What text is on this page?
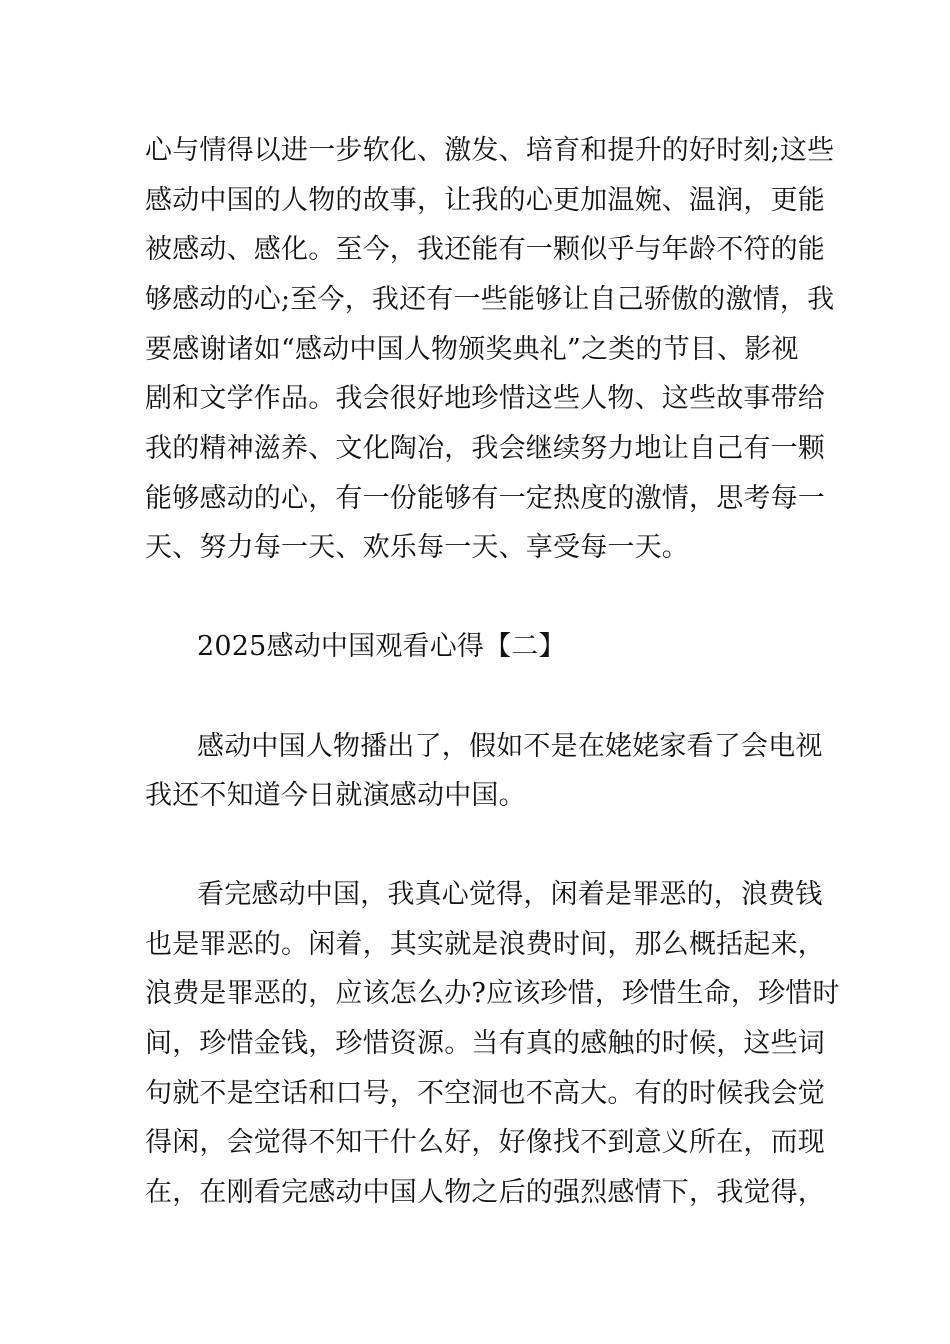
心与情得以进一步软化、激发、培育和提升的好时刻;这些
感动中国的人物的故事，让我的心更加温婉、温润，更能
被感动、感化。至今，我还能有一颗似乎与年龄不符的能
够感动的心;至今，我还有一些能够让自己骄傲的激情，我
要感谢诸如“感动中国人物颁奖典礼”之类的节目、影视
剧和文学作品。我会很好地珍惜这些人物、这些故事带给
我的精神滋养、文化陶冶，我会继续努力地让自己有一颗
能够感动的心，有一份能够有一定热度的激情，思考每一
天、努力每一天、欢乐每一天、享受每一天。
2025感动中国观看心得【二】
感动中国人物播出了，假如不是在姥姥家看了会电视
我还不知道今日就演感动中国。
看完感动中国，我真心觉得，闲着是罪恶的，浪费钱
也是罪恶的。闲着，其实就是浪费时间，那么概括起来，
浪费是罪恶的，应该怎么办?应该珍惜，珍惜生命，珍惜时
间，珍惜金钱，珍惜资源。当有真的感触的时候，这些词
句就不是空话和口号，不空洞也不高大。有的时候我会觉
得闲，会觉得不知干什么好，好像找不到意义所在，而现
在，在刚看完感动中国人物之后的强烈感情下，我觉得，
